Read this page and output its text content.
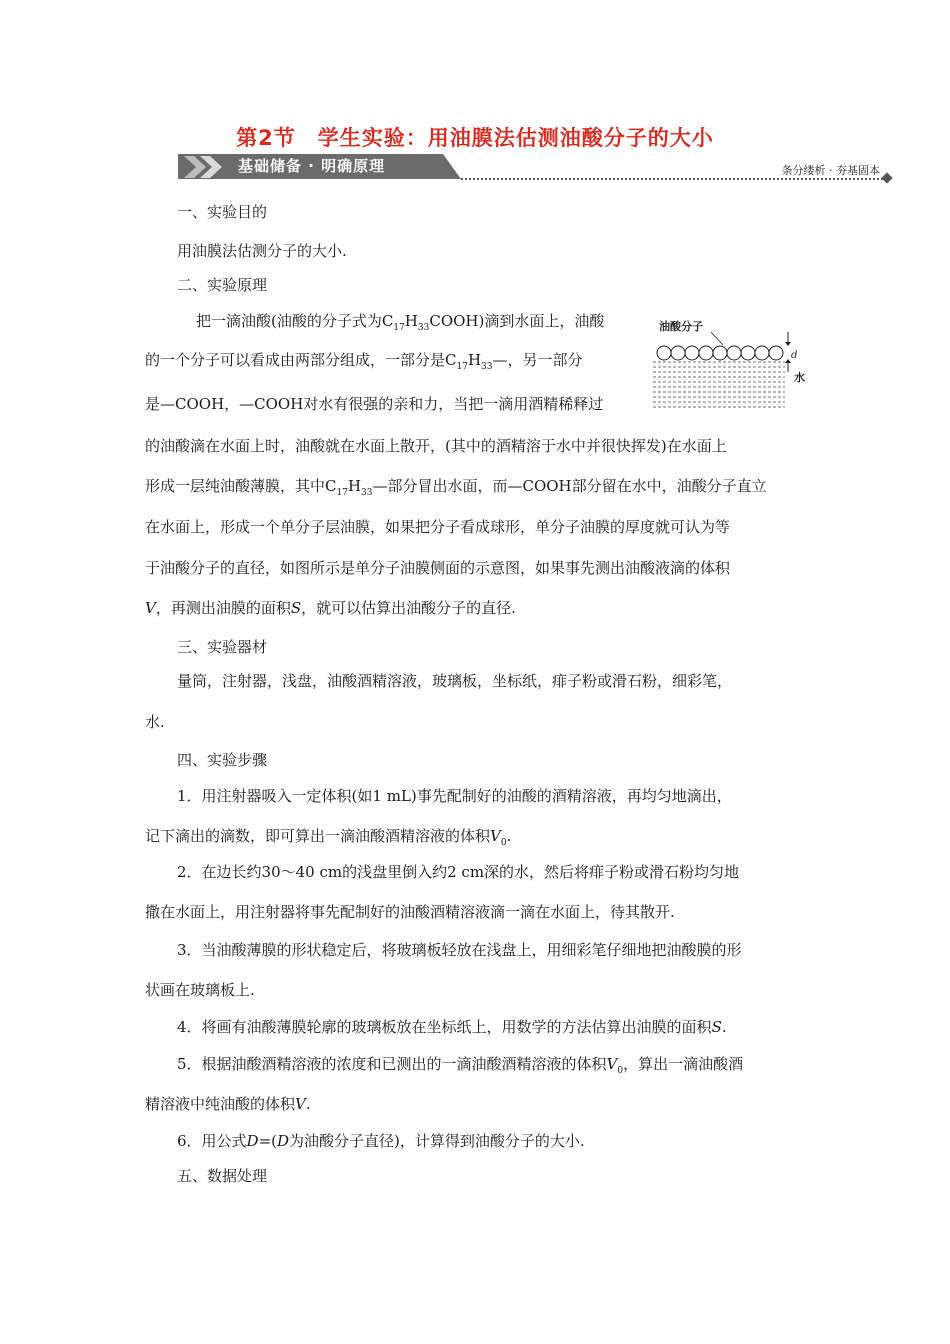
第2节　学生实验：用油膜法估测油酸分子的大小
基础储备 · 明确原理	条分缕析 · 夯基固本
一、实验目的
用油膜法估测分子的大小.
二、实验原理
把一滴油酸(油酸的分子式为$C_{17}H_{33}COOH$)滴到水面上，油酸
的一个分子可以看成由两部分组成，一部分是$C_{17}H_{33}—$，另一部分
是—COOH，—COOH对水有很强的亲和力，当把一滴用酒精稀释过
的油酸滴在水面上时，油酸就在水面上散开，(其中的酒精溶于水中并很快挥发)在水面上
形成一层纯油酸薄膜，其中$C_{17}H_{33}—$部分冒出水面，而—COOH部分留在水中，油酸分子直立
在水面上，形成一个单分子层油膜，如果把分子看成球形，单分子油膜的厚度就可认为等
于油酸分子的直径，如图所示是单分子油膜侧面的示意图，如果事先测出油酸液滴的体积
V，再测出油膜的面积S，就可以估算出油酸分子的直径.
油酸分子
d
水
三、实验器材
量筒，注射器，浅盘，油酸酒精溶液，玻璃板，坐标纸，痱子粉或滑石粉，细彩笔，
水.
四、实验步骤
1．用注射器吸入一定体积(如1 mL)事先配制好的油酸的酒精溶液，再均匀地滴出，
记下滴出的滴数，即可算出一滴油酸酒精溶液的体积$V_0$.
2．在边长约30～40 cm的浅盘里倒入约2 cm深的水，然后将痱子粉或滑石粉均匀地
撒在水面上，用注射器将事先配制好的油酸酒精溶液滴一滴在水面上，待其散开.
3．当油酸薄膜的形状稳定后，将玻璃板轻放在浅盘上，用细彩笔仔细地把油酸膜的形
状画在玻璃板上.
4．将画有油酸薄膜轮廓的玻璃板放在坐标纸上，用数学的方法估算出油膜的面积S.
5．根据油酸酒精溶液的浓度和已测出的一滴油酸酒精溶液的体积$V_0$，算出一滴油酸酒
精溶液中纯油酸的体积V.
6．用公式D=(D为油酸分子直径)，计算得到油酸分子的大小.
五、数据处理
